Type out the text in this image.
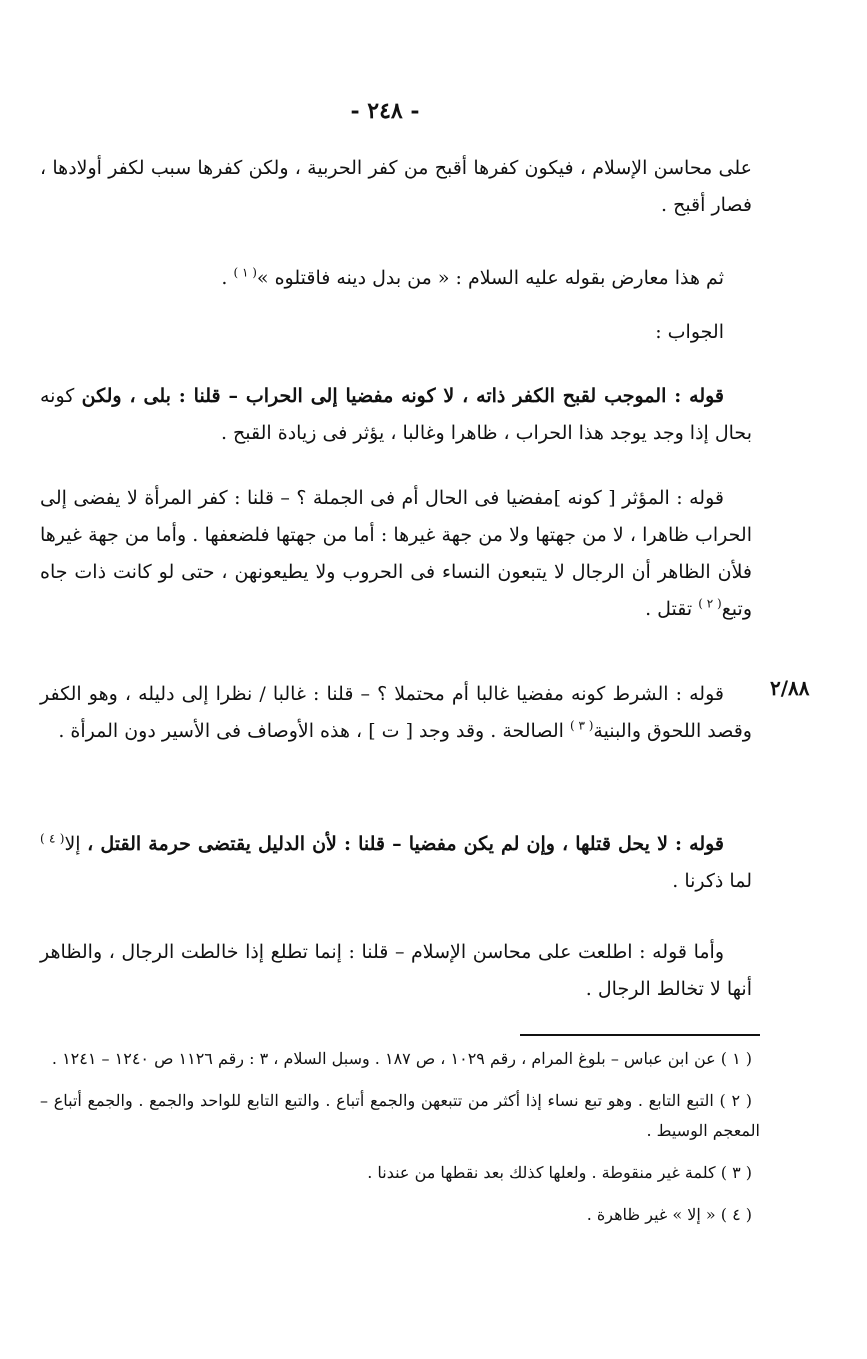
- ٢٤٨ -
٢/٨٨

على محاسن الإسلام ، فيكون كفرها أقبح من كفر الحربية ، ولكن كفرها سبب لكفر أولادها ، فصار أقبح .

ثم هذا معارض بقوله عليه السلام : « من بدل دينه فاقتلوه »$^{( ١ )}$ .

الجواب :

قوله : الموجب لقبح الكفر ذاته ، لا كونه مفضيا إلى الحراب – قلنا : بلى ، ولكن كونه بحال إذا وجد يوجد هذا الحراب ، ظاهرا وغالبا ، يؤثر فى زيادة القبح .

قوله : المؤثر [ كونه ]مفضيا فى الحال أم فى الجملة ؟ – قلنا : كفر المرأة لا يفضى إلى الحراب ظاهرا ، لا من جهتها ولا من جهة غيرها : أما من جهتها فلضعفها . وأما من جهة غيرها فلأن الظاهر أن الرجال لا يتبعون النساء فى الحروب ولا يطيعونهن ، حتى لو كانت ذات جاه وتبع$^{( ٢ )}$ تقتل .

قوله : الشرط كونه مفضيا غالبا أم محتملا ؟ – قلنا : غالبا / نظرا إلى دليله ، وهو الكفر وقصد اللحوق والبنية$^{( ٣ )}$ الصالحة . وقد وجد [ ت ] ، هذه الأوصاف فى الأسير دون المرأة .

قوله : لا يحل قتلها ، وإن لم يكن مفضيا – قلنا : لأن الدليل يقتضى حرمة القتل ، إلا$^{( ٤ )}$ لما ذكرنا .

وأما قوله : اطلعت على محاسن الإسلام – قلنا : إنما تطلع إذا خالطت الرجال ، والظاهر أنها لا تخالط الرجال .

( ١ ) عن ابن عباس – بلوغ المرام ، رقم ١٠٢٩ ، ص ١٨٧ . وسبل السلام ، ٣ : رقم ١١٢٦ ص ١٢٤٠ – ١٢٤١ .

( ٢ ) التبع التابع . وهو تبع نساء إذا أكثر من تتبعهن والجمع أتباع . والتبع التابع للواحد والجمع . والجمع أتباع – المعجم الوسيط .

( ٣ ) كلمة غير منقوطة . ولعلها كذلك بعد نقطها من عندنا .

( ٤ ) « إلا » غير ظاهرة .
